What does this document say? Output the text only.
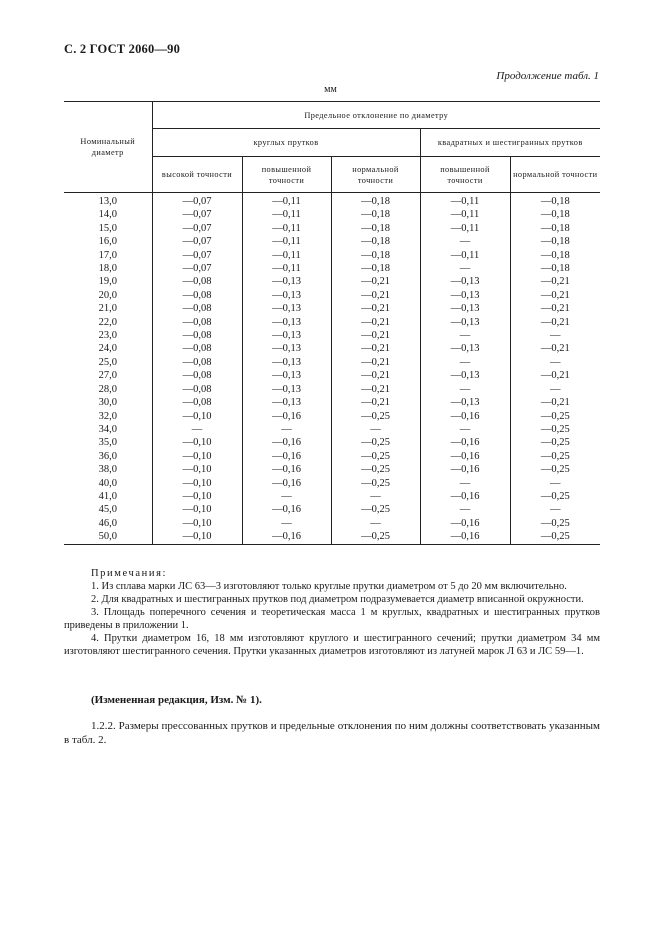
С. 2 ГОСТ 2060—90
Продолжение табл. 1
мм
Номинальный диаметр	Предельное отклонение по диаметру				
	круглых прутков			квадратных и шестигранных прутков	
	высокой точности	повышенной точности	нормальной точности	повышенной точности	нормальной точности
13,0	—0,07	—0,11	—0,18	—0,11	—0,18
14,0	—0,07	—0,11	—0,18	—0,11	—0,18
15,0	—0,07	—0,11	—0,18	—0,11	—0,18
16,0	—0,07	—0,11	—0,18	—	—0,18
17,0	—0,07	—0,11	—0,18	—0,11	—0,18
18,0	—0,07	—0,11	—0,18	—	—0,18
19,0	—0,08	—0,13	—0,21	—0,13	—0,21
20,0	—0,08	—0,13	—0,21	—0,13	—0,21
21,0	—0,08	—0,13	—0,21	—0,13	—0,21
22,0	—0,08	—0,13	—0,21	—0,13	—0,21
23,0	—0,08	—0,13	—0,21	—	—
24,0	—0,08	—0,13	—0,21	—0,13	—0,21
25,0	—0,08	—0,13	—0,21	—	—
27,0	—0,08	—0,13	—0,21	—0,13	—0,21
28,0	—0,08	—0,13	—0,21	—	—
30,0	—0,08	—0,13	—0,21	—0,13	—0,21
32,0	—0,10	—0,16	—0,25	—0,16	—0,25
34,0	—	—	—	—	—0,25
35,0	—0,10	—0,16	—0,25	—0,16	—0,25
36,0	—0,10	—0,16	—0,25	—0,16	—0,25
38,0	—0,10	—0,16	—0,25	—0,16	—0,25
40,0	—0,10	—0,16	—0,25	—	—
41,0	—0,10	—	—	—0,16	—0,25
45,0	—0,10	—0,16	—0,25	—	—
46,0	—0,10	—	—	—0,16	—0,25
50,0	—0,10	—0,16	—0,25	—0,16	—0,25

Примечания:

1. Из сплава марки ЛС 63—3 изготовляют только круглые прутки диаметром от 5 до 20 мм включительно.

2. Для квадратных и шестигранных прутков под диаметром подразумевается диаметр вписанной окружности.

3. Площадь поперечного сечения и теоретическая масса 1 м круглых, квадратных и шестигранных прутков приведены в приложении 1.

4. Прутки диаметром 16, 18 мм изготовляют круглого и шестигранного сечений; прутки диаметром 34 мм изготовляют шестигранного сечения. Прутки указанных диаметров изготовляют из латуней марок Л 63 и ЛС 59—1.

(Измененная редакция, Изм. № 1).

1.2.2. Размеры прессованных прутков и предельные отклонения по ним должны соответствовать указанным в табл. 2.
